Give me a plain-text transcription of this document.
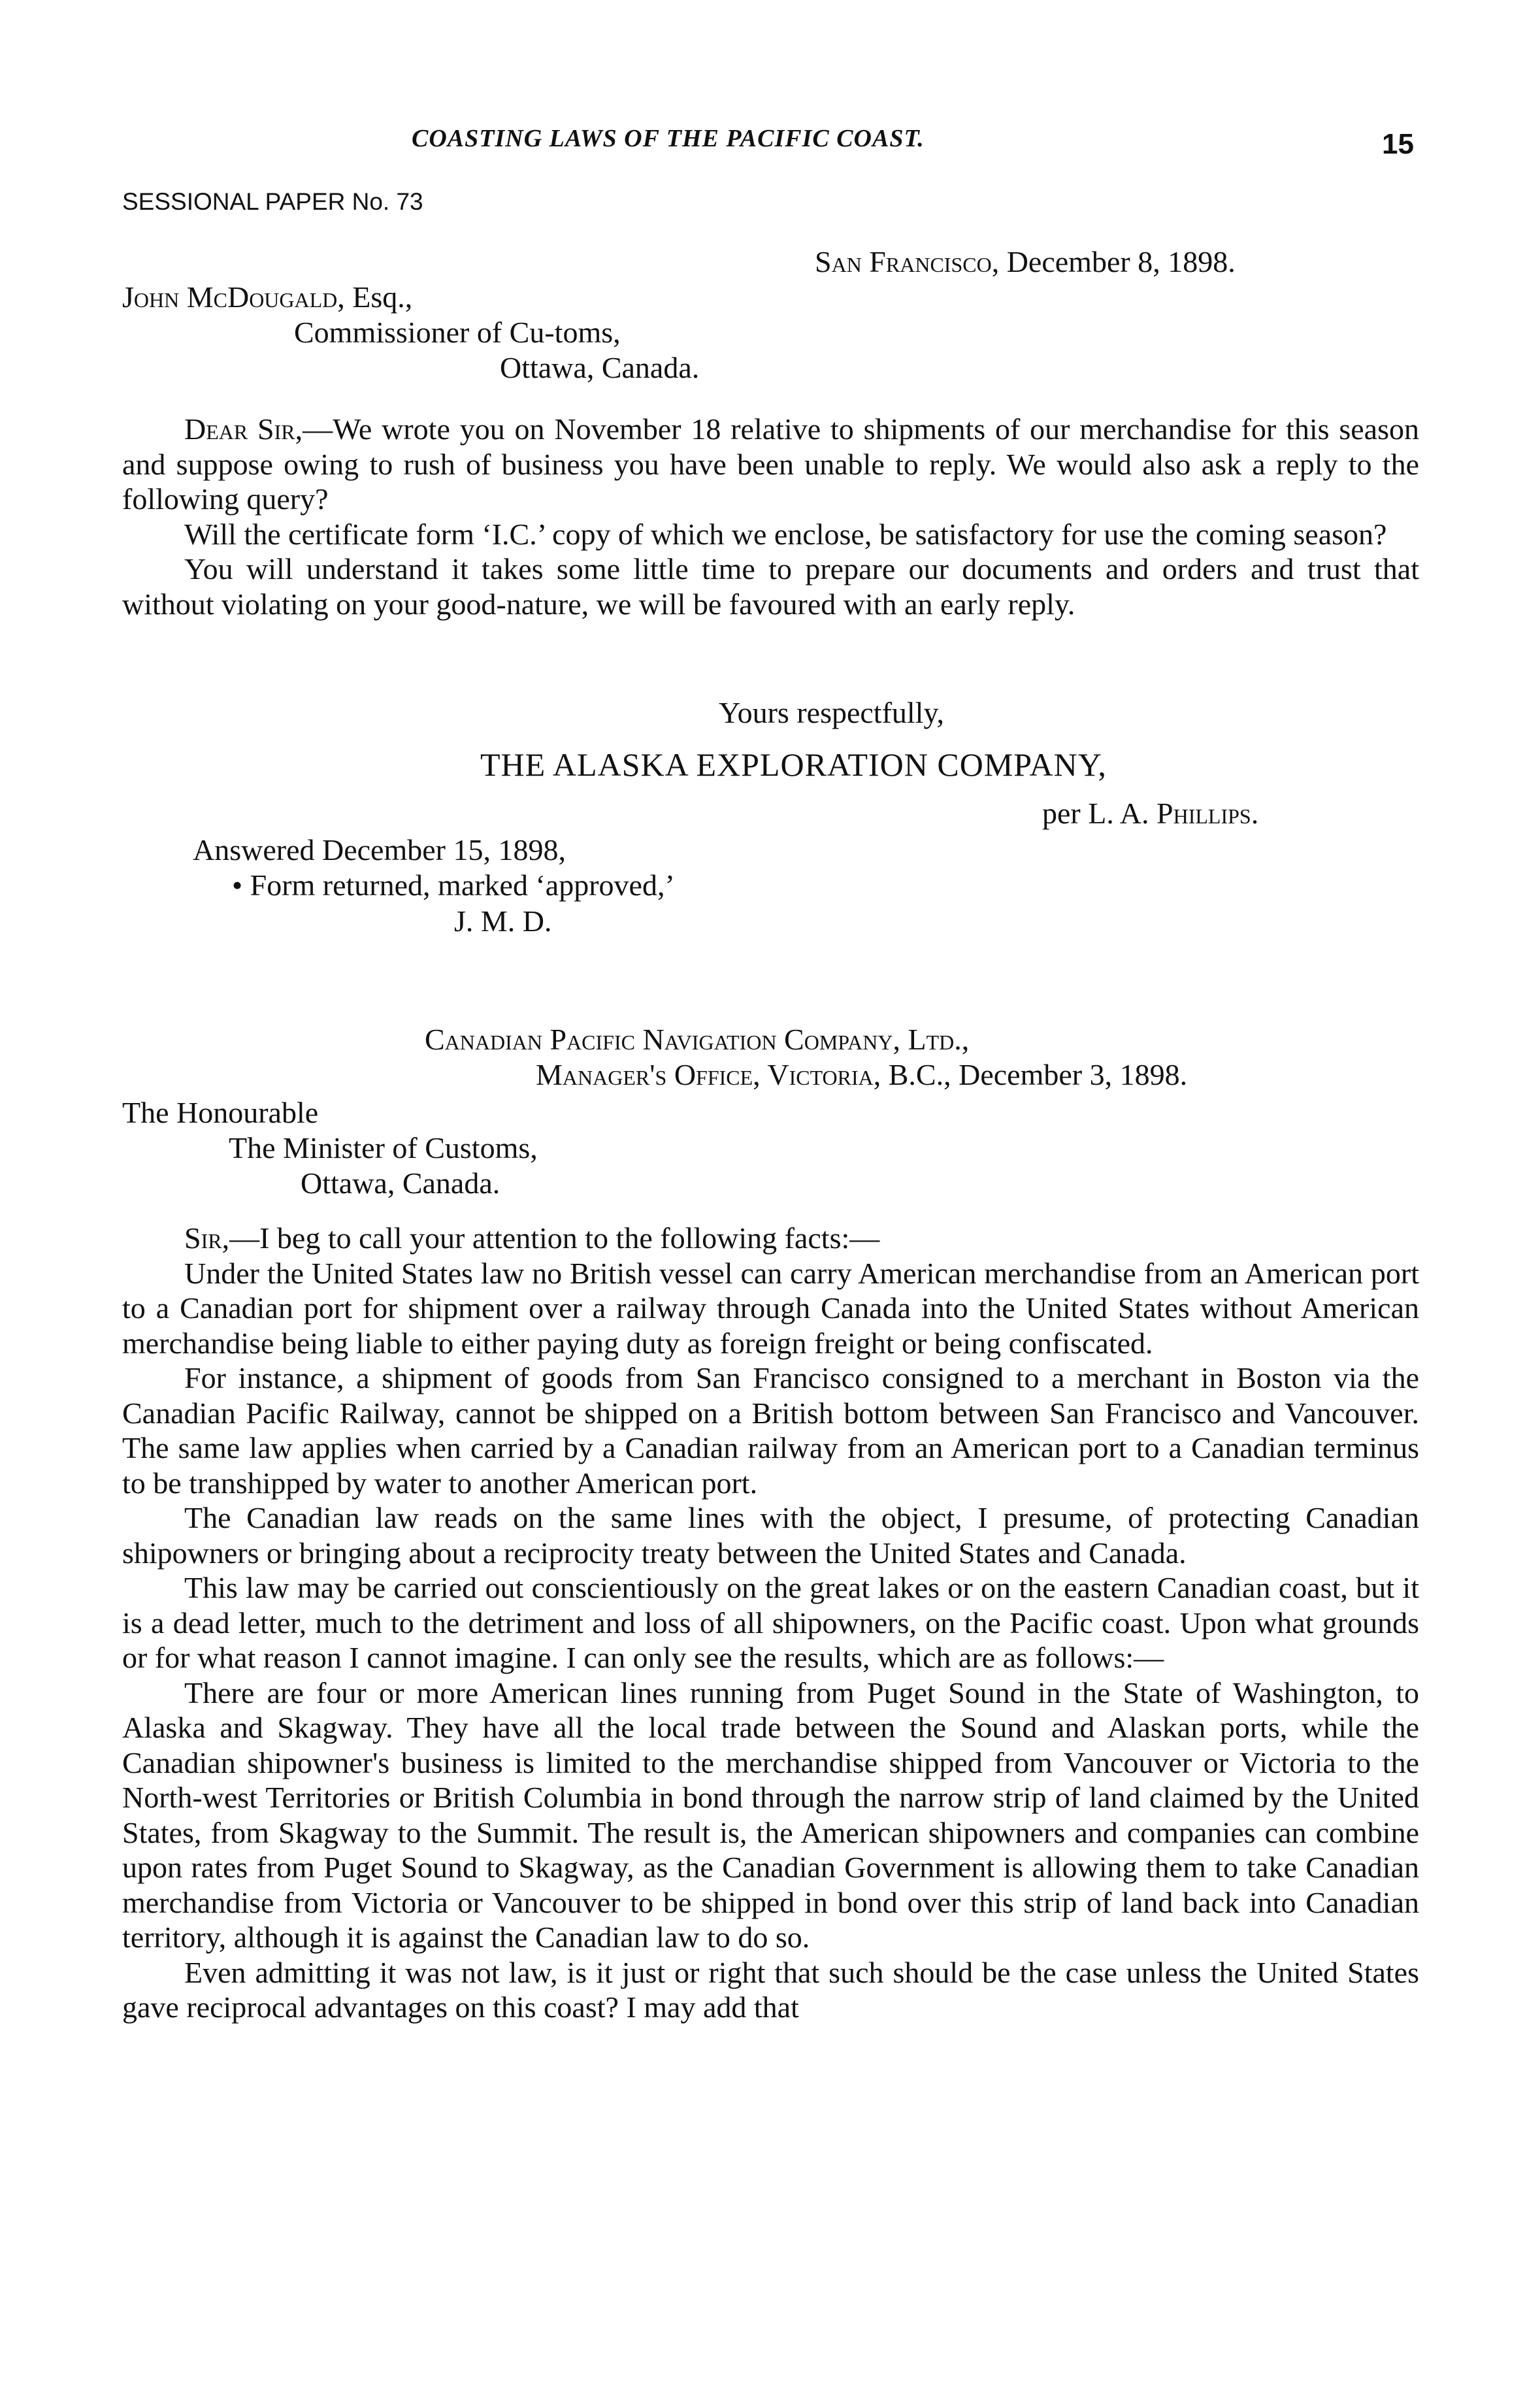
COASTING LAWS OF THE PACIFIC COAST.	15
SESSIONAL PAPER No. 73
San Francisco, December 8, 1898.
John McDougald, Esq.,
Commissioner of Cu-toms,
Ottawa, Canada.

Dear Sir,—We wrote you on November 18 relative to shipments of our merchandise for this season and suppose owing to rush of business you have been unable to reply. We would also ask a reply to the following query?

Will the certificate form ‘I.C.’ copy of which we enclose, be satisfactory for use the coming season?

You will understand it takes some little time to prepare our documents and orders and trust that without violating on your good-nature, we will be favoured with an early reply.

Yours respectfully,
THE ALASKA EXPLORATION COMPANY,
per L. A. Phillips.
Answered December 15, 1898,
• Form returned, marked ‘approved,’
J. M. D.
Canadian Pacific Navigation Company, Ltd.,
Manager's Office, Victoria, B.C., December 3, 1898.
The Honourable
The Minister of Customs,
Ottawa, Canada.

Sir,—I beg to call your attention to the following facts:—

Under the United States law no British vessel can carry American merchandise from an American port to a Canadian port for shipment over a railway through Canada into the United States without American merchandise being liable to either paying duty as foreign freight or being confiscated.

For instance, a shipment of goods from San Francisco consigned to a merchant in Boston via the Canadian Pacific Railway, cannot be shipped on a British bottom between San Francisco and Vancouver. The same law applies when carried by a Canadian railway from an American port to a Canadian terminus to be transhipped by water to another American port.

The Canadian law reads on the same lines with the object, I presume, of protecting Canadian shipowners or bringing about a reciprocity treaty between the United States and Canada.

This law may be carried out conscientiously on the great lakes or on the eastern Canadian coast, but it is a dead letter, much to the detriment and loss of all shipowners, on the Pacific coast. Upon what grounds or for what reason I cannot imagine. I can only see the results, which are as follows:—

There are four or more American lines running from Puget Sound in the State of Washington, to Alaska and Skagway. They have all the local trade between the Sound and Alaskan ports, while the Canadian shipowner's business is limited to the merchandise shipped from Vancouver or Victoria to the North-west Territories or British Columbia in bond through the narrow strip of land claimed by the United States, from Skagway to the Summit. The result is, the American shipowners and companies can combine upon rates from Puget Sound to Skagway, as the Canadian Government is allowing them to take Canadian merchandise from Victoria or Vancouver to be shipped in bond over this strip of land back into Canadian territory, although it is against the Canadian law to do so.

Even admitting it was not law, is it just or right that such should be the case unless the United States gave reciprocal advantages on this coast? I may add that
